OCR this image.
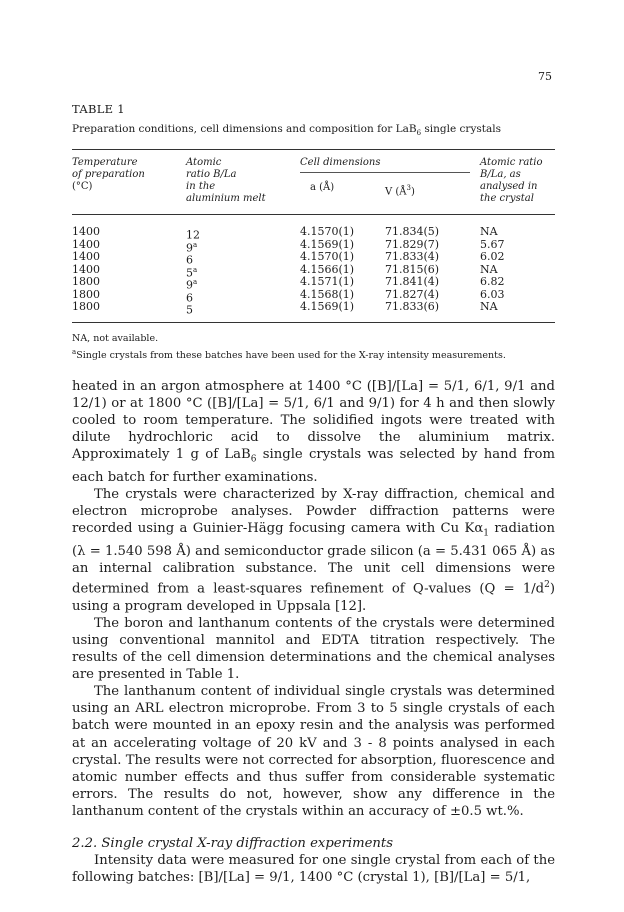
75
TABLE 1
Preparation conditions, cell dimensions and composition for LaB$_6$ single crystals
Temperature
of preparation
(°C)
Atomic
ratio B/La
in the
aluminium melt
Cell dimensions
a (Å)	V $(Å^3)$
Atomic ratio
B/La, as
analysed in
the crystal
1400
1400
1400
1400
1800
1800
1800
12
9$^a$
6
5$^a$
9$^a$
6
5
4.1570(1)
4.1569(1)
4.1570(1)
4.1566(1)
4.1571(1)
4.1568(1)
4.1569(1)
71.834(5)
71.829(7)
71.833(4)
71.815(6)
71.841(4)
71.827(4)
71.833(6)
NA
5.67
6.02
NA
6.82
6.03
NA
NA, not available.
$^a$Single crystals from these batches have been used for the X-ray intensity measurements.

heated in an argon atmosphere at 1400 °C ([B]/[La] = 5/1, 6/1, 9/1 and 12/1) or at 1800 °C ([B]/[La] = 5/1, 6/1 and 9/1) for 4 h and then slowly cooled to room temperature. The solidified ingots were treated with dilute hydrochloric acid to dissolve the aluminium matrix. Approximately 1 g of LaB$_6$ single crystals was selected by hand from each batch for further examinations.

The crystals were characterized by X-ray diffraction, chemical and electron microprobe analyses. Powder diffraction patterns were recorded using a Guinier-Hägg focusing camera with Cu $K\alpha_1$ radiation (λ = 1.540 598 Å) and semiconductor grade silicon (a = 5.431 065 Å) as an internal calibration substance. The unit cell dimensions were determined from a least-squares refinement of Q-values $(Q = 1/d^2)$ using a program developed in Uppsala [12].

The boron and lanthanum contents of the crystals were determined using conventional mannitol and EDTA titration respectively. The results of the cell dimension determinations and the chemical analyses are presented in Table 1.

The lanthanum content of individual single crystals was determined using an ARL electron microprobe. From 3 to 5 single crystals of each batch were mounted in an epoxy resin and the analysis was performed at an accelerating voltage of 20 kV and 3 - 8 points analysed in each crystal. The results were not corrected for absorption, fluorescence and atomic number effects and thus suffer from considerable systematic errors. The results do not, however, show any difference in the lanthanum content of the crystals within an accuracy of ±0.5 wt.%.

2.2. Single crystal X-ray diffraction experiments

Intensity data were measured for one single crystal from each of the following batches: [B]/[La] = 9/1, 1400 °C (crystal 1), [B]/[La] = 5/1,
